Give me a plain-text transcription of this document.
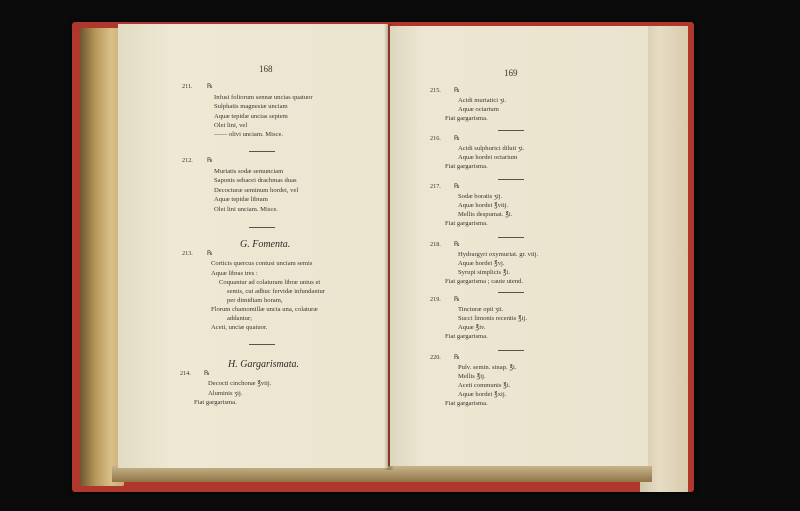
168
211. ℞
Infusi foliorum sennæ uncias quatuor
Sulphatis magnesiæ unciam
Aquæ tepidæ uncias septem
Olei lini, vel
—— olivi unciam. Misce.
212. ℞
Muriatis sodæ semunciam
Saponis sebacei drachmas duas
Decocturæ seminum hordei, vel
Aquæ tepidæ libram
Olei lini unciam. Misce.
G. Fomenta.
213. ℞
Corticis quercus contusi unciam semis
Aquæ libras tres :
Coquantur ad colaturam libræ unius et
semis, cui adhuc fervidæ infundantur
per dimidiam horam,
Florum chamomillæ uncia una, colaturæ
addantur;
Aceti, unciæ quatuor.
H. Gargarismata.
214. ℞
Decocti cinchonæ ℥viij.
Aluminis ʒij.
Fiat gargarisma.
169
215. ℞
Acidi muriatici ʒi.
Aquæ octarium
Fiat gargarisma.
216. ℞
Acidi sulphurici diluti ʒi.
Aquæ hordei octarium
Fiat gargarisma.
217. ℞
Sodæ boratis ʒij.
Aquæ hordei ℥viij.
Mellis despumat. ℥i.
Fiat gargarisma.
218. ℞
Hydrargyri oxymuriat. gr. viij.
Aquæ hordei ℥vj.
Syrupi simplicis ℥i.
Fiat gargarisma ; caute utend.
219. ℞
Tincturæ opii ʒii.
Succi limonis recentis ℥ij.
Aquæ ℥iv.
Fiat gargarisma.
220. ℞
Pulv. semin. sinap. ℥i.
Mellis ℥ij.
Aceti communis ℥i.
Aquæ hordei ℥xij.
Fiat gargarisma.
